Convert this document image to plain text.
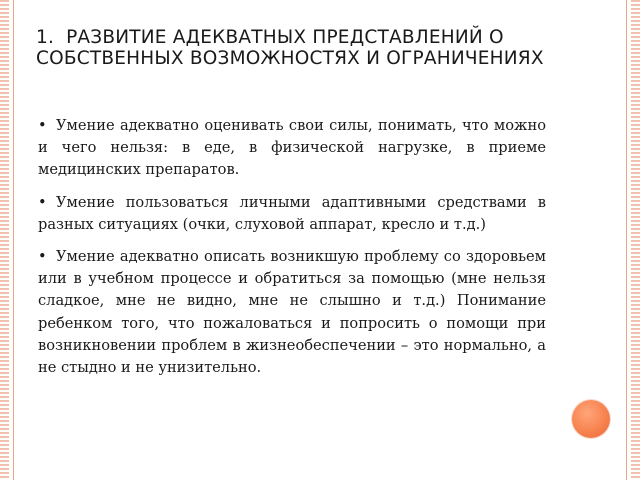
1. РАЗВИТИЕ АДЕКВАТНЫХ ПРЕДСТАВЛЕНИЙ О СОБСТВЕННЫХ ВОЗМОЖНОСТЯХ И ОГРАНИЧЕНИЯХ
• Умение адекватно оценивать свои силы, понимать, что можно и чего нельзя: в еде, в физической нагрузке, в приеме медицинских препаратов.
• Умение пользоваться личными адаптивными средствами в разных ситуациях (очки, слуховой аппарат, кресло и т.д.)
• Умение адекватно описать возникшую проблему со здоровьем или в учебном процессе и обратиться за помощью (мне нельзя сладкое, мне не видно, мне не слышно и т.д.) Понимание ребенком того, что пожаловаться и попросить о помощи при возникновении проблем в жизнеобеспечении – это нормально, а не стыдно и не унизительно.
